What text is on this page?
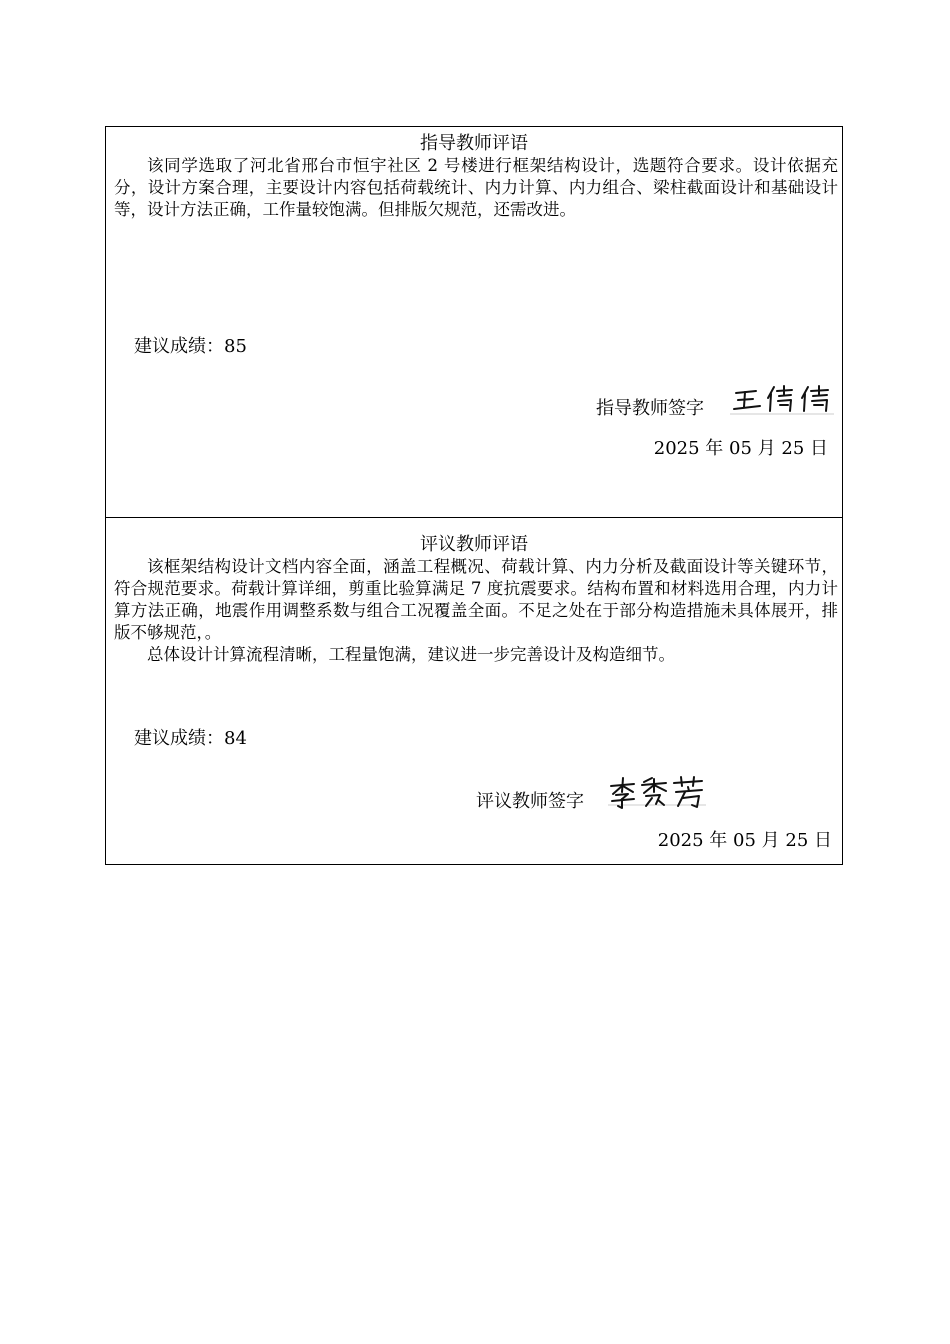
指导教师评语

该同学选取了河北省邢台市恒宇社区 2 号楼进行框架结构设计，选题符合要求。设计依据充分，设计方案合理，主要设计内容包括荷载统计、内力计算、内力组合、梁柱截面设计和基础设计等，设计方法正确，工作量较饱满。但排版欠规范，还需改进。

建议成绩：85
指导教师签字
2025 年 05 月 25 日
评议教师评语

该框架结构设计文档内容全面，涵盖工程概况、荷载计算、内力分析及截面设计等关键环节，符合规范要求。荷载计算详细，剪重比验算满足 7 度抗震要求。结构布置和材料选用合理，内力计算方法正确，地震作用调整系数与组合工况覆盖全面。不足之处在于部分构造措施未具体展开，排版不够规范，。

总体设计计算流程清晰，工程量饱满，建议进一步完善设计及构造细节。

建议成绩：84
评议教师签字
2025 年 05 月 25 日
